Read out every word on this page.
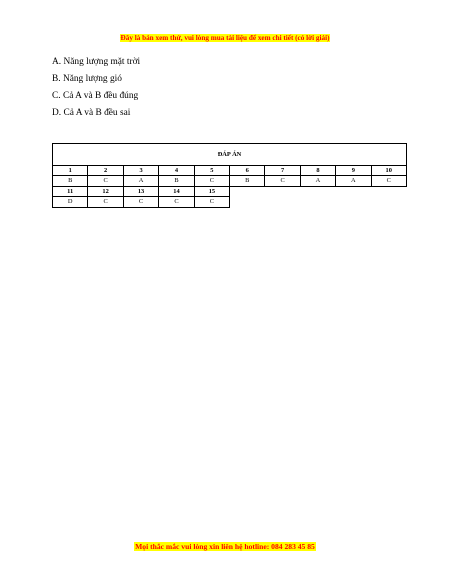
Đây là bản xem thử, vui lòng mua tài liệu để xem chi tiết (có lời giải)
A. Năng lượng mặt trời
B. Năng lượng gió
C. Cả A và B đều đúng
D. Cả A và B đều sai
ĐÁP ÁN									
1	2	3	4	5	6	7	8	9	10
B	C	A	B	C	B	C	A	A	C
11	12	13	14	15					
D	C	C	C	C					
Mọi thắc mắc vui lòng xin liên hệ hotline: 084 283 45 85
